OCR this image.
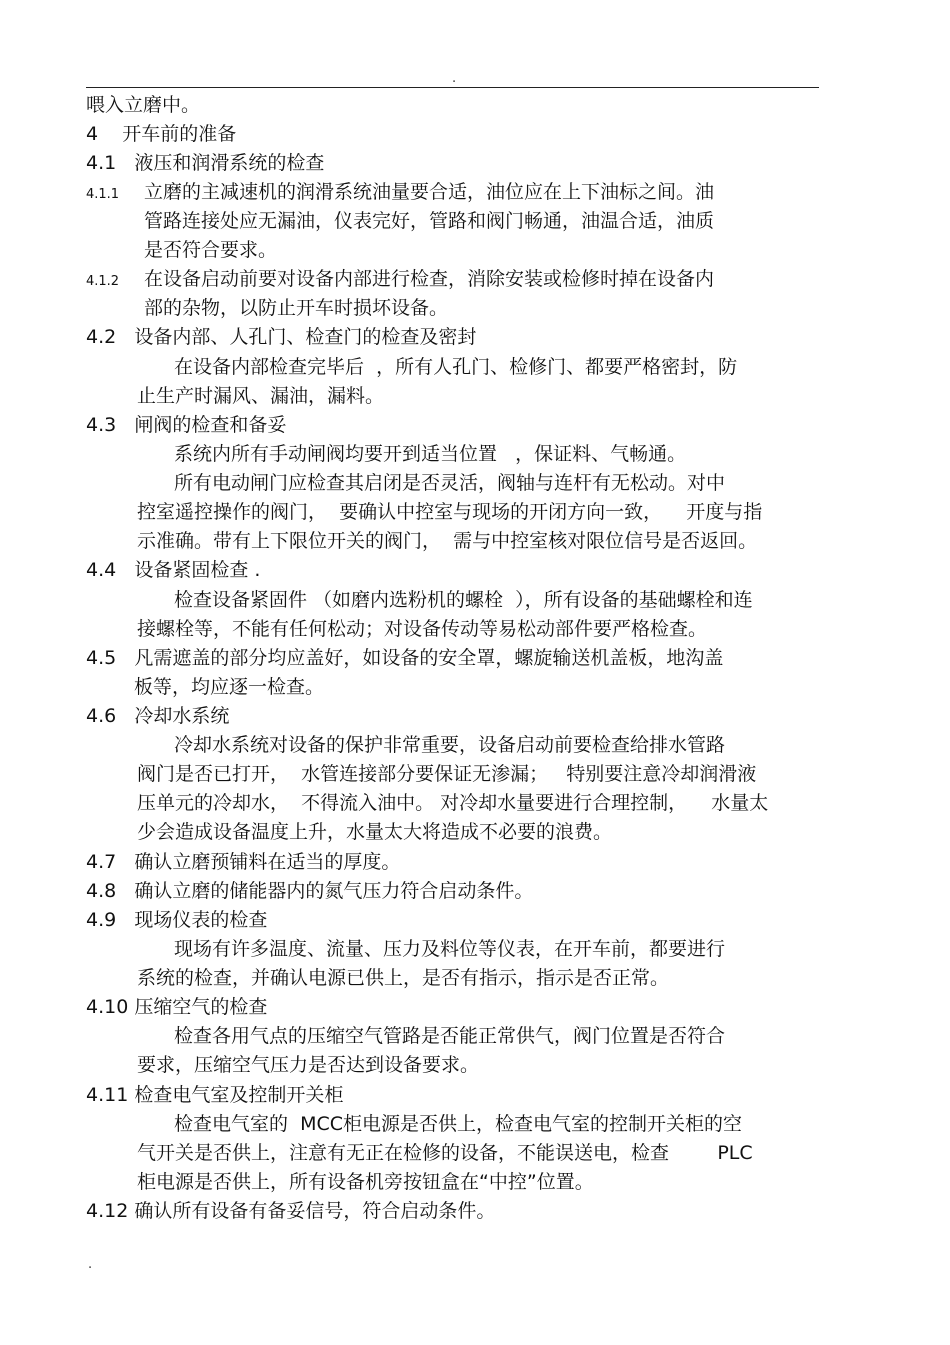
.
喂入立磨中。
4    开车前的准备
4.1   液压和润滑系统的检查
4.1.1 立磨的主减速机的润滑系统油量要合适，油位应在上下油标之间。油
管路连接处应无漏油，仪表完好，管路和阀门畅通，油温合适，油质
是否符合要求。
4.1.2 在设备启动前要对设备内部进行检查，消除安装或检修时掉在设备内
部的杂物，以防止开车时损坏设备。
4.2   设备内部、人孔门、检查门的检查及密封
在设备内部检查完毕后  ，所有人孔门、检修门、都要严格密封，防
止生产时漏风、漏油，漏料。
4.3   闸阀的检查和备妥
系统内所有手动闸阀均要开到适当位置   ，保证料、气畅通。
所有电动闸门应检查其启闭是否灵活，阀轴与连杆有无松动。对中
控室遥控操作的阀门，  要确认中控室与现场的开闭方向一致，    开度与指
示准确。带有上下限位开关的阀门，  需与中控室核对限位信号是否返回。
4.4   设备紧固检查 .
检查设备紧固件 （如磨内选粉机的螺栓  ），所有设备的基础螺栓和连
接螺栓等，不能有任何松动；对设备传动等易松动部件要严格检查。
4.5   凡需遮盖的部分均应盖好，如设备的安全罩，螺旋输送机盖板，地沟盖
板等，均应逐一检查。
4.6   冷却水系统
冷却水系统对设备的保护非常重要，设备启动前要检查给排水管路
阀门是否已打开，  水管连接部分要保证无渗漏；   特别要注意冷却润滑液
压单元的冷却水，  不得流入油中。 对冷却水量要进行合理控制，    水量太
少会造成设备温度上升，水量太大将造成不必要的浪费。
4.7   确认立磨预铺料在适当的厚度。
4.8   确认立磨的储能器内的氮气压力符合启动条件。
4.9   现场仪表的检查
现场有许多温度、流量、压力及料位等仪表，在开车前，都要进行
系统的检查，并确认电源已供上，是否有指示，指示是否正常。
4.10 压缩空气的检查
检查各用气点的压缩空气管路是否能正常供气，阀门位置是否符合
要求，压缩空气压力是否达到设备要求。
4.11 检查电气室及控制开关柜
检查电气室的  MCC柜电源是否供上，检查电气室的控制开关柜的空
气开关是否供上，注意有无正在检修的设备，不能误送电，检查        PLC
柜电源是否供上，所有设备机旁按钮盒在“中控”位置。
4.12 确认所有设备有备妥信号，符合启动条件。
.
